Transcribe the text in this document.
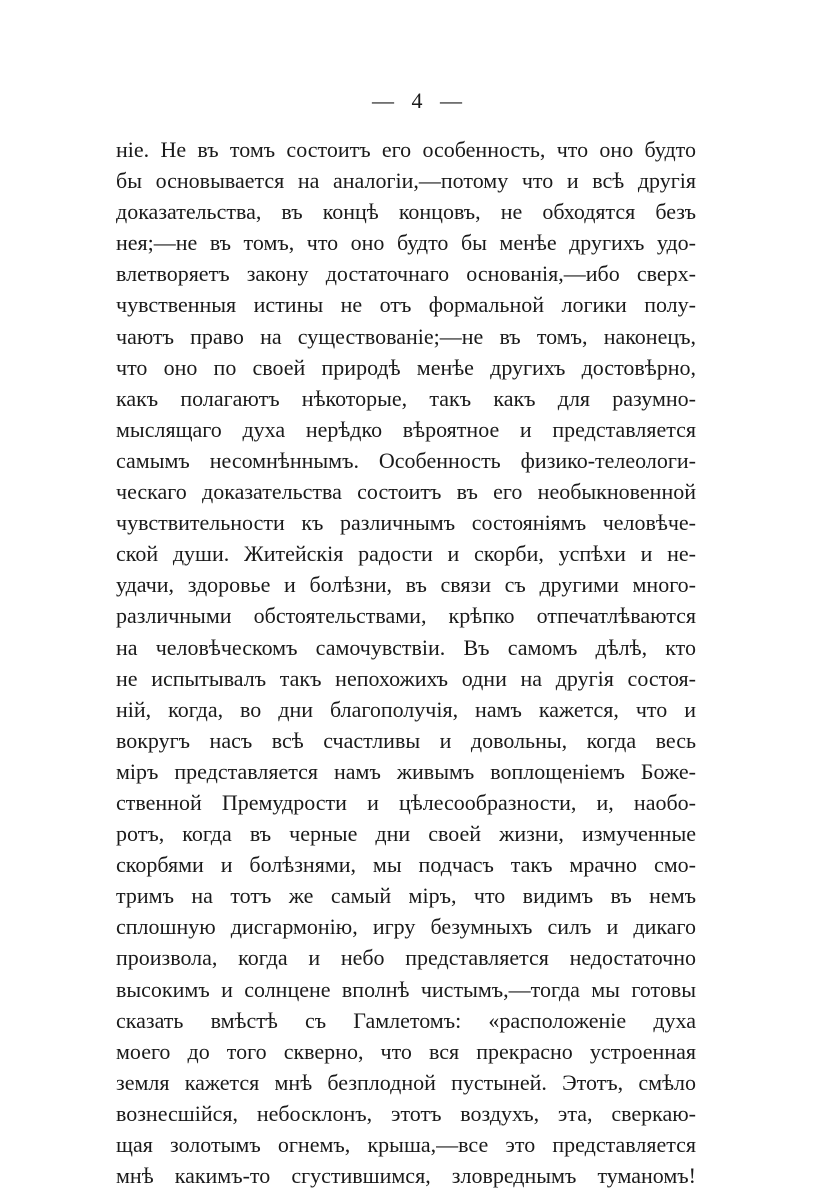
— 4 —
ніе. Не въ томъ состоитъ его особенность, что оно будто
бы основывается на аналогіи,—потому что и всѣ другія
доказательства, въ концѣ концовъ, не обходятся безъ
нея;—не въ томъ, что оно будто бы менѣе другихъ удо-
влетворяетъ закону достаточнаго основанія,—ибо сверх-
чувственныя истины не отъ формальной логики полу-
чаютъ право на существованіе;—не въ томъ, наконецъ,
что оно по своей природѣ менѣе другихъ достовѣрно,
какъ полагаютъ нѣкоторые, такъ какъ для разумно-
мыслящаго духа нерѣдко вѣроятное и представляется
самымъ несомнѣннымъ. Особенность физико-телеологи-
ческаго доказательства состоитъ въ его необыкновенной
чувствительности къ различнымъ состояніямъ человѣче-
ской души. Житейскія радости и скорби, успѣхи и не-
удачи, здоровье и болѣзни, въ связи съ другими много-
различными обстоятельствами, крѣпко отпечатлѣваются
на человѣческомъ самочувствіи. Въ самомъ дѣлѣ, кто
не испытывалъ такъ непохожихъ одни на другія состоя-
ній, когда, во дни благополучія, намъ кажется, что и
вокругъ насъ всѣ счастливы и довольны, когда весь
міръ представляется намъ живымъ воплощеніемъ Боже-
ственной Премудрости и цѣлесообразности, и, наобо-
ротъ, когда въ черные дни своей жизни, измученные
скорбями и болѣзнями, мы подчасъ такъ мрачно смо-
тримъ на тотъ же самый міръ, что видимъ въ немъ
сплошную дисгармонію, игру безумныхъ силъ и дикаго
произвола, когда и небо представляется недостаточно
высокимъ и солнцене вполнѣ чистымъ,—тогда мы готовы
сказать вмѣстѣ съ Гамлетомъ: «расположеніе духа
моего до того скверно, что вся прекрасно устроенная
земля кажется мнѣ безплодной пустыней. Этотъ, смѣло
вознесшійся, небосклонъ, этотъ воздухъ, эта, сверкаю-
щая золотымъ огнемъ, крыша,—все это представляется
мнѣ какимъ-то сгустившимся, зловреднымъ туманомъ!
